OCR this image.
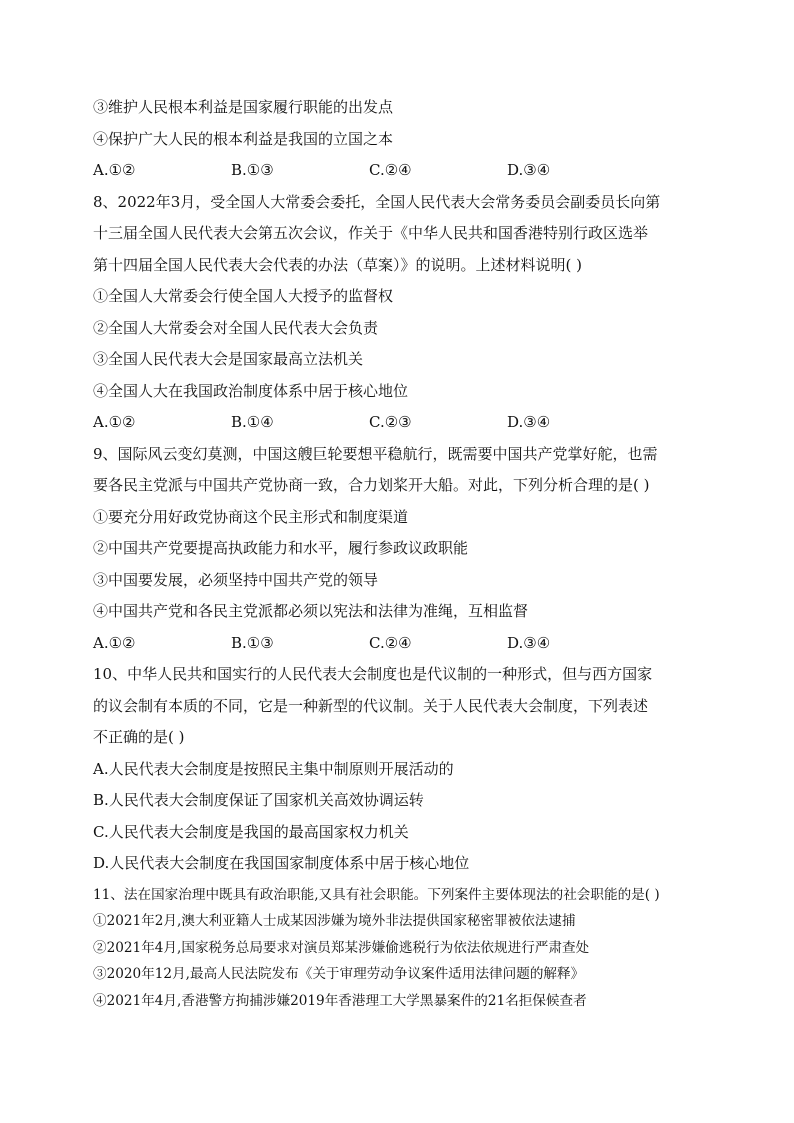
③维护人民根本利益是国家履行职能的出发点
④保护广大人民的根本利益是我国的立国之本
A.①②	B.①③	C.②④	D.③④
8、2022年3月，受全国人大常委会委托，全国人民代表大会常务委员会副委员长向第
十三届全国人民代表大会第五次会议，作关于《中华人民共和国香港特别行政区选举
第十四届全国人民代表大会代表的办法（草案）》的说明。上述材料说明( )
①全国人大常委会行使全国人大授予的监督权
②全国人大常委会对全国人民代表大会负责
③全国人民代表大会是国家最高立法机关
④全国人大在我国政治制度体系中居于核心地位
A.①②	B.①④	C.②③	D.③④
9、国际风云变幻莫测，中国这艘巨轮要想平稳航行，既需要中国共产党掌好舵，也需
要各民主党派与中国共产党协商一致，合力划桨开大船。对此，下列分析合理的是( )
①要充分用好政党协商这个民主形式和制度渠道
②中国共产党要提高执政能力和水平，履行参政议政职能
③中国要发展，必须坚持中国共产党的领导
④中国共产党和各民主党派都必须以宪法和法律为准绳，互相监督
A.①②	B.①③	C.②④	D.③④
10、中华人民共和国实行的人民代表大会制度也是代议制的一种形式，但与西方国家
的议会制有本质的不同，它是一种新型的代议制。关于人民代表大会制度，下列表述
不正确的是( )
A.人民代表大会制度是按照民主集中制原则开展活动的
B.人民代表大会制度保证了国家机关高效协调运转
C.人民代表大会制度是我国的最高国家权力机关
D.人民代表大会制度在我国国家制度体系中居于核心地位
11、法在国家治理中既具有政治职能,又具有社会职能。下列案件主要体现法的社会职能的是( )
①2021年2月,澳大利亚籍人士成某因涉嫌为境外非法提供国家秘密罪被依法逮捕
②2021年4月,国家税务总局要求对演员郑某涉嫌偷逃税行为依法依规进行严肃查处
③2020年12月,最高人民法院发布《关于审理劳动争议案件适用法律问题的解释》
④2021年4月,香港警方拘捕涉嫌2019年香港理工大学黑暴案件的21名拒保候查者
